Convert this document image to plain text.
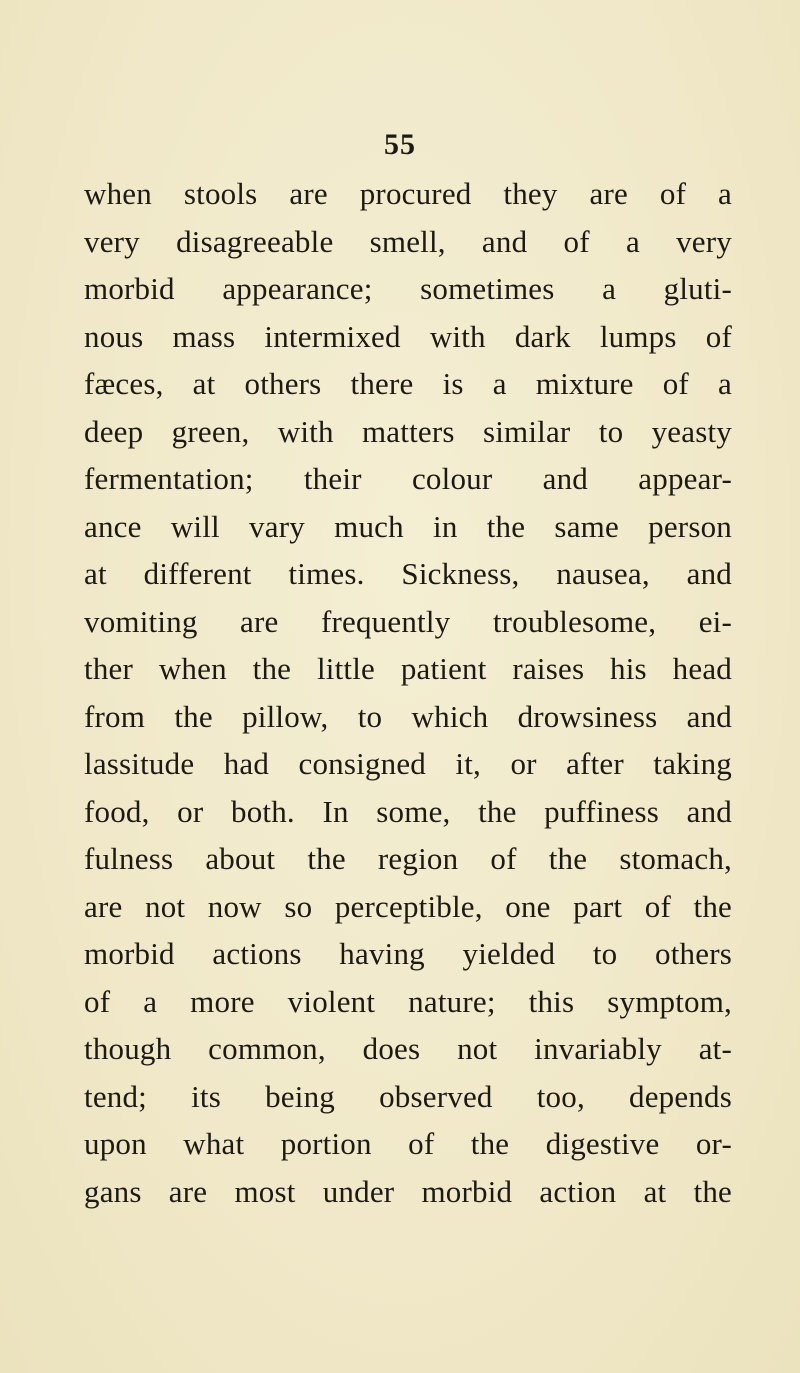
55
when stools are procured they are of a
very disagreeable smell, and of a very
morbid appearance; sometimes a gluti-
nous mass intermixed with dark lumps of
fæces, at others there is a mixture of a
deep green, with matters similar to yeasty
fermentation; their colour and appear-
ance will vary much in the same person
at different times. Sickness, nausea, and
vomiting are frequently troublesome, ei-
ther when the little patient raises his head
from the pillow, to which drowsiness and
lassitude had consigned it, or after taking
food, or both. In some, the puffiness and
fulness about the region of the stomach,
are not now so perceptible, one part of the
morbid actions having yielded to others
of a more violent nature; this symptom,
though common, does not invariably at-
tend; its being observed too, depends
upon what portion of the digestive or-
gans are most under morbid action at the
